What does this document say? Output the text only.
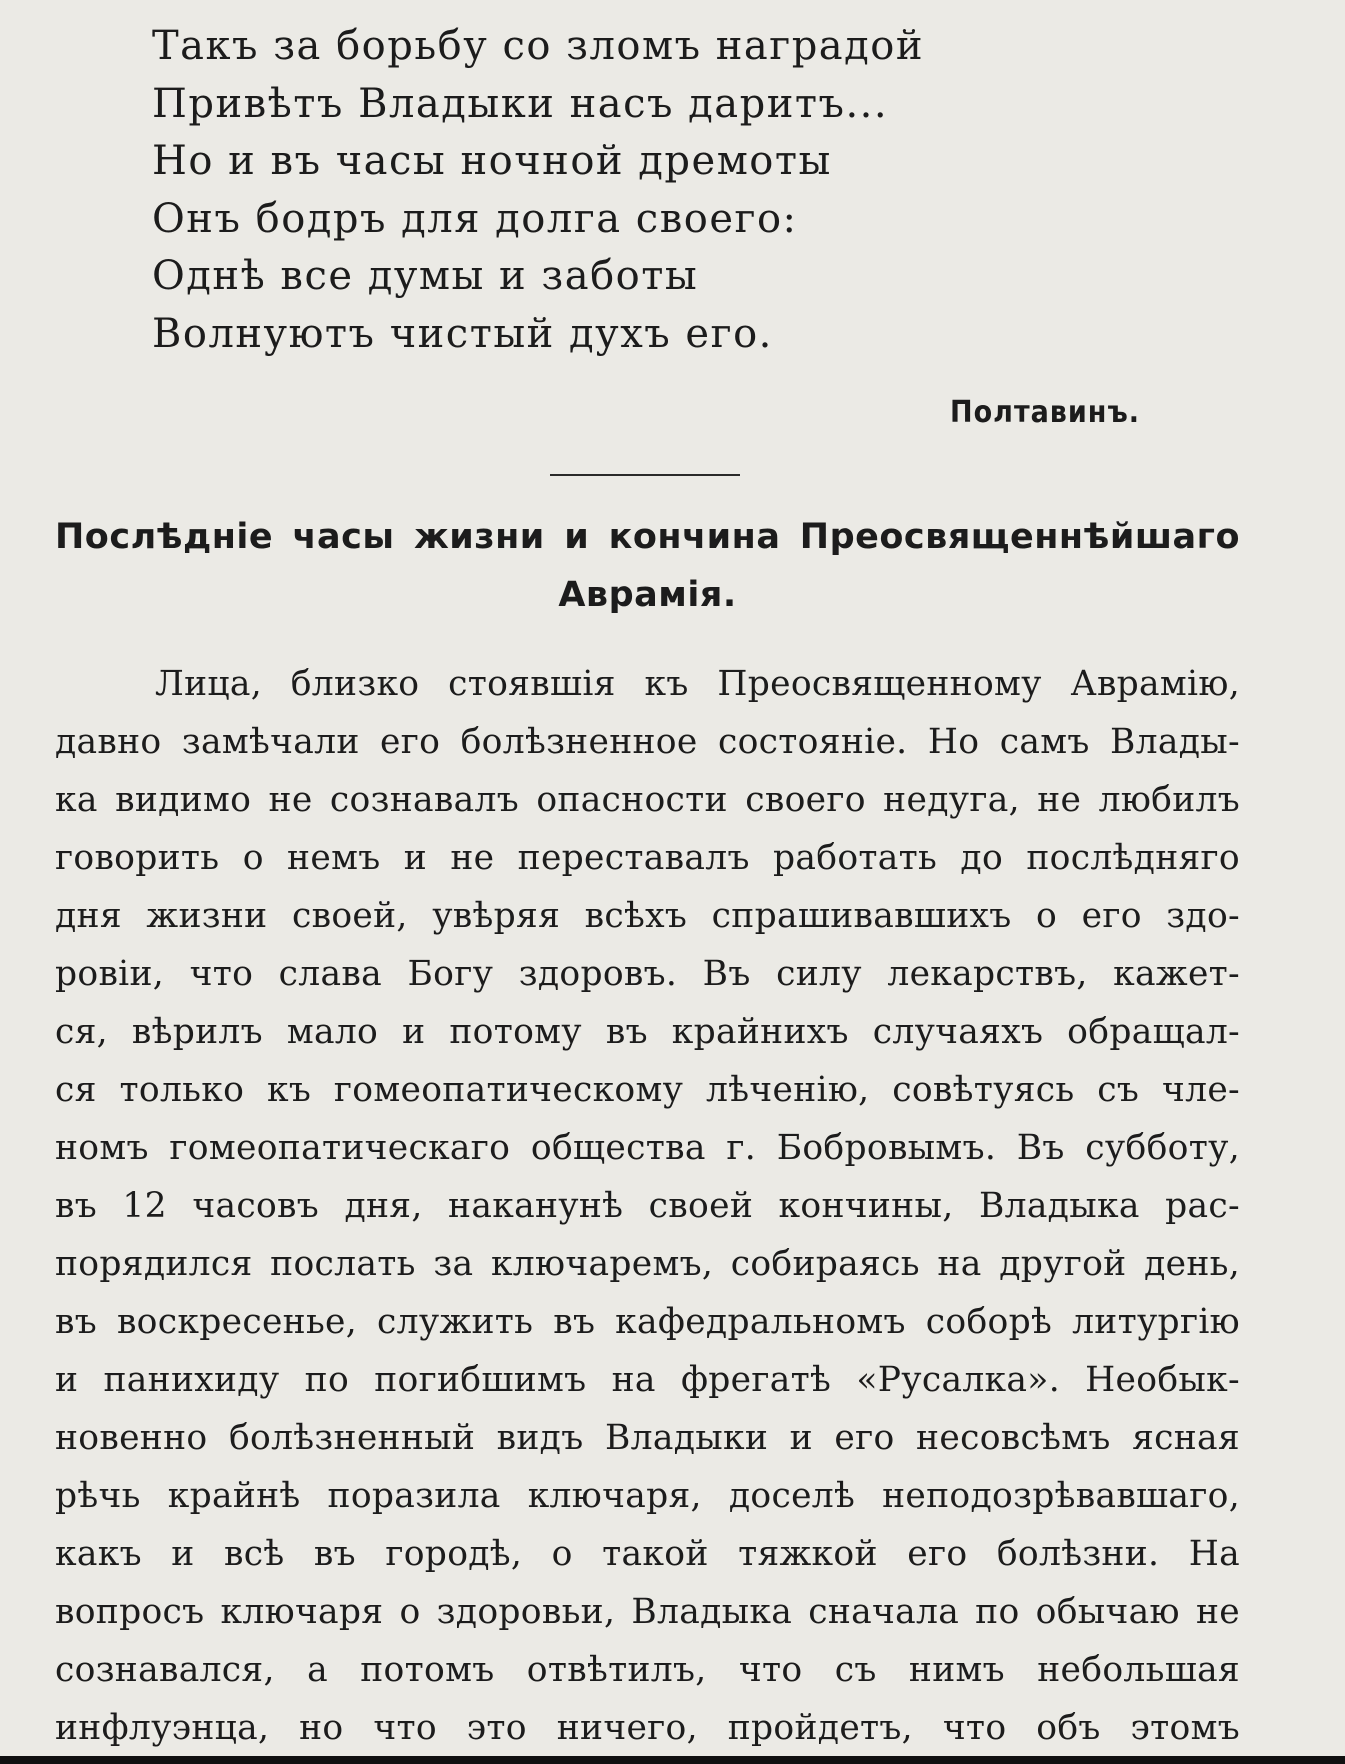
Такъ за борьбу со зломъ наградой
Привѣтъ Владыки насъ даритъ...
Но и въ часы ночной дремоты
Онъ бодръ для долга своего:
Однѣ все думы и заботы
Волнуютъ чистый духъ его.
Полтавинъ.
Послѣдніе часы жизни и кончина Преосвященнѣйшаго Аврамія.
Лица, близко стоявшія къ Преосвященному Аврамію,
давно замѣчали его болѣзненное состояніе. Но самъ Влады-
ка видимо не сознавалъ опасности своего недуга, не любилъ
говорить о немъ и не переставалъ работать до послѣдняго
дня жизни своей, увѣряя всѣхъ спрашивавшихъ о его здо-
ровіи, что слава Богу здоровъ. Въ силу лекарствъ, кажет-
ся, вѣрилъ мало и потому въ крайнихъ случаяхъ обращал-
ся только къ гомеопатическому лѣченію, совѣтуясь съ чле-
номъ гомеопатическаго общества г. Бобровымъ. Въ субботу,
въ 12 часовъ дня, наканунѣ своей кончины, Владыка рас-
порядился послать за ключаремъ, собираясь на другой день,
въ воскресенье, служить въ кафедральномъ соборѣ литургію
и панихиду по погибшимъ на фрегатѣ «Русалка». Необык-
новенно болѣзненный видъ Владыки и его несовсѣмъ ясная
рѣчь крайнѣ поразила ключаря, доселѣ неподозрѣвавшаго,
какъ и всѣ въ городѣ, о такой тяжкой его болѣзни. На
вопросъ ключаря о здоровьи, Владыка сначала по обычаю не
сознавался, а потомъ отвѣтилъ, что съ нимъ небольшая
инфлуэнца, но что это ничего, пройдетъ, что объ этомъ
